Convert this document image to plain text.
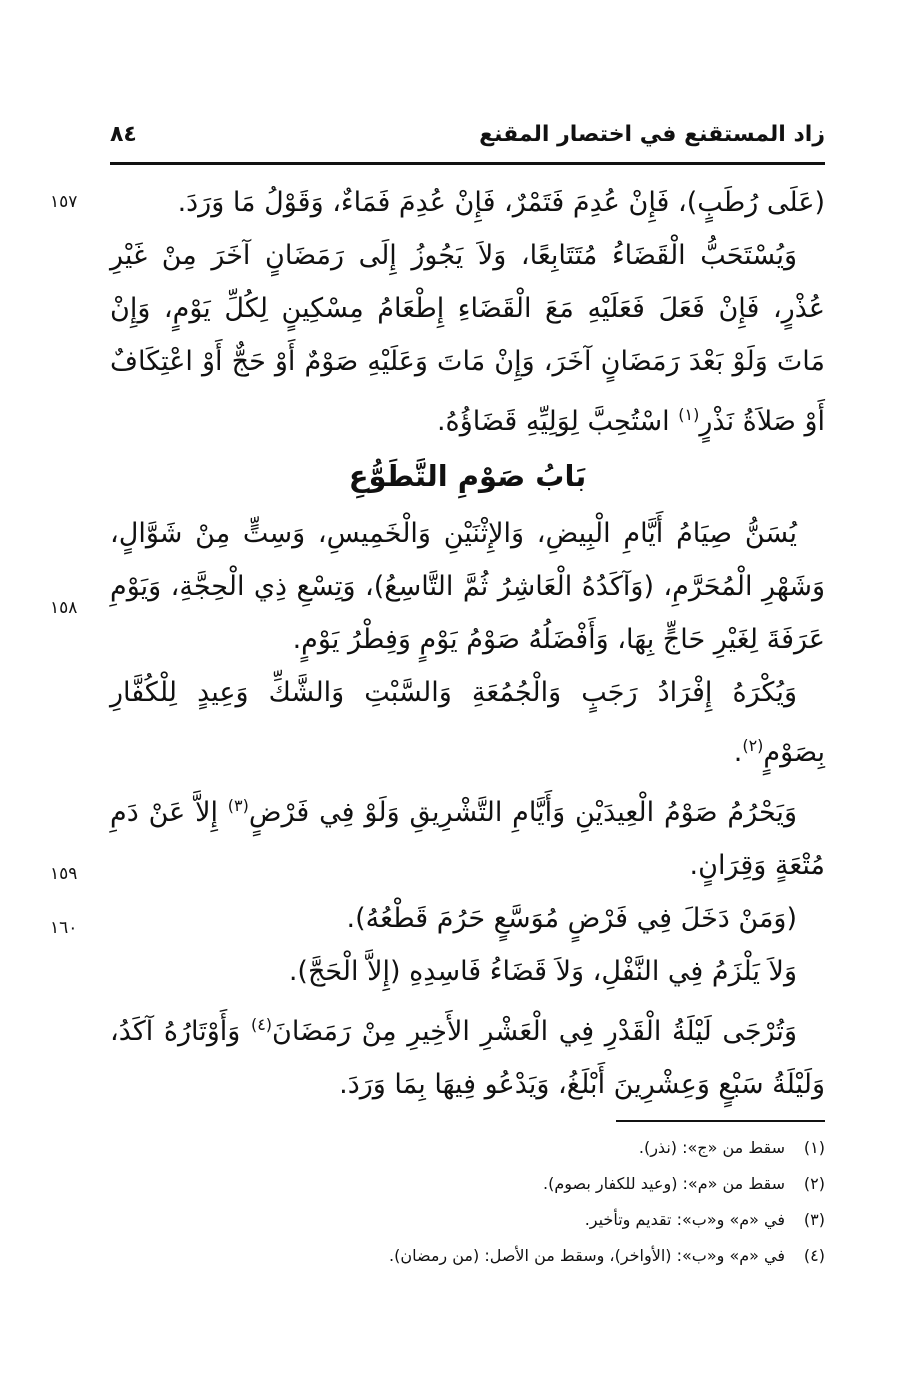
زاد المستقنع في اختصار المقنع
٨٤
١٥٧
١٥٨
١٥٩
١٦٠

(عَلَى رُطَبٍ)، فَإِنْ عُدِمَ فَتَمْرٌ، فَإِنْ عُدِمَ فَمَاءٌ، وَقَوْلُ مَا وَرَدَ.

وَيُسْتَحَبُّ الْقَضَاءُ مُتَتَابِعًا، وَلاَ يَجُوزُ إِلَى رَمَضَانٍ آخَرَ مِنْ غَيْرِ عُذْرٍ، فَإِنْ فَعَلَ فَعَلَيْهِ مَعَ الْقَضَاءِ إِطْعَامُ مِسْكِينٍ لِكُلِّ يَوْمٍ، وَإِنْ مَاتَ وَلَوْ بَعْدَ رَمَضَانٍ آخَرَ، وَإِنْ مَاتَ وَعَلَيْهِ صَوْمٌ أَوْ حَجٌّ أَوْ اعْتِكَافٌ أَوْ صَلاَةُ نَذْرٍ$^{(١)}$ اسْتُحِبَّ لِوَلِيِّهِ قَضَاؤُهُ.

بَابُ صَوْمِ التَّطَوُّعِ

يُسَنُّ صِيَامُ أَيَّامِ الْبِيضِ، وَالإِثْنَيْنِ وَالْخَمِيسِ، وَسِتٍّ مِنْ شَوَّالٍ، وَشَهْرِ الْمُحَرَّمِ، (وَآكَدُهُ الْعَاشِرُ ثُمَّ التَّاسِعُ)، وَتِسْعِ ذِي الْحِجَّةِ، وَيَوْمِ عَرَفَةَ لِغَيْرِ حَاجٍّ بِهَا، وَأَفْضَلُهُ صَوْمُ يَوْمٍ وَفِطْرُ يَوْمٍ.

وَيُكْرَهُ إِفْرَادُ رَجَبٍ وَالْجُمُعَةِ وَالسَّبْتِ وَالشَّكِّ وَعِيدٍ لِلْكُفَّارِ بِصَوْمٍ$^{(٢)}$.

وَيَحْرُمُ صَوْمُ الْعِيدَيْنِ وَأَيَّامِ التَّشْرِيقِ وَلَوْ فِي فَرْضٍ$^{(٣)}$ إِلاَّ عَنْ دَمِ مُتْعَةٍ وَقِرَانٍ.

(وَمَنْ دَخَلَ فِي فَرْضٍ مُوَسَّعٍ حَرُمَ قَطْعُهُ).

وَلاَ يَلْزَمُ فِي النَّفْلِ، وَلاَ قَضَاءُ فَاسِدِهِ (إِلاَّ الْحَجَّ).

وَتُرْجَى لَيْلَةُ الْقَدْرِ فِي الْعَشْرِ الأَخِيرِ مِنْ رَمَضَانَ$^{(٤)}$ وَأَوْتَارُهُ آكَدُ، وَلَيْلَةُ سَبْعٍ وَعِشْرِينَ أَبْلَغُ، وَيَدْعُو فِيهَا بِمَا وَرَدَ.

(١)سقط من «ج»: (نذر).

(٢)سقط من «م»: (وعيد للكفار بصوم).

(٣)في «م» و«ب»: تقديم وتأخير.

(٤)في «م» و«ب»: (الأواخر)، وسقط من الأصل: (من رمضان).
